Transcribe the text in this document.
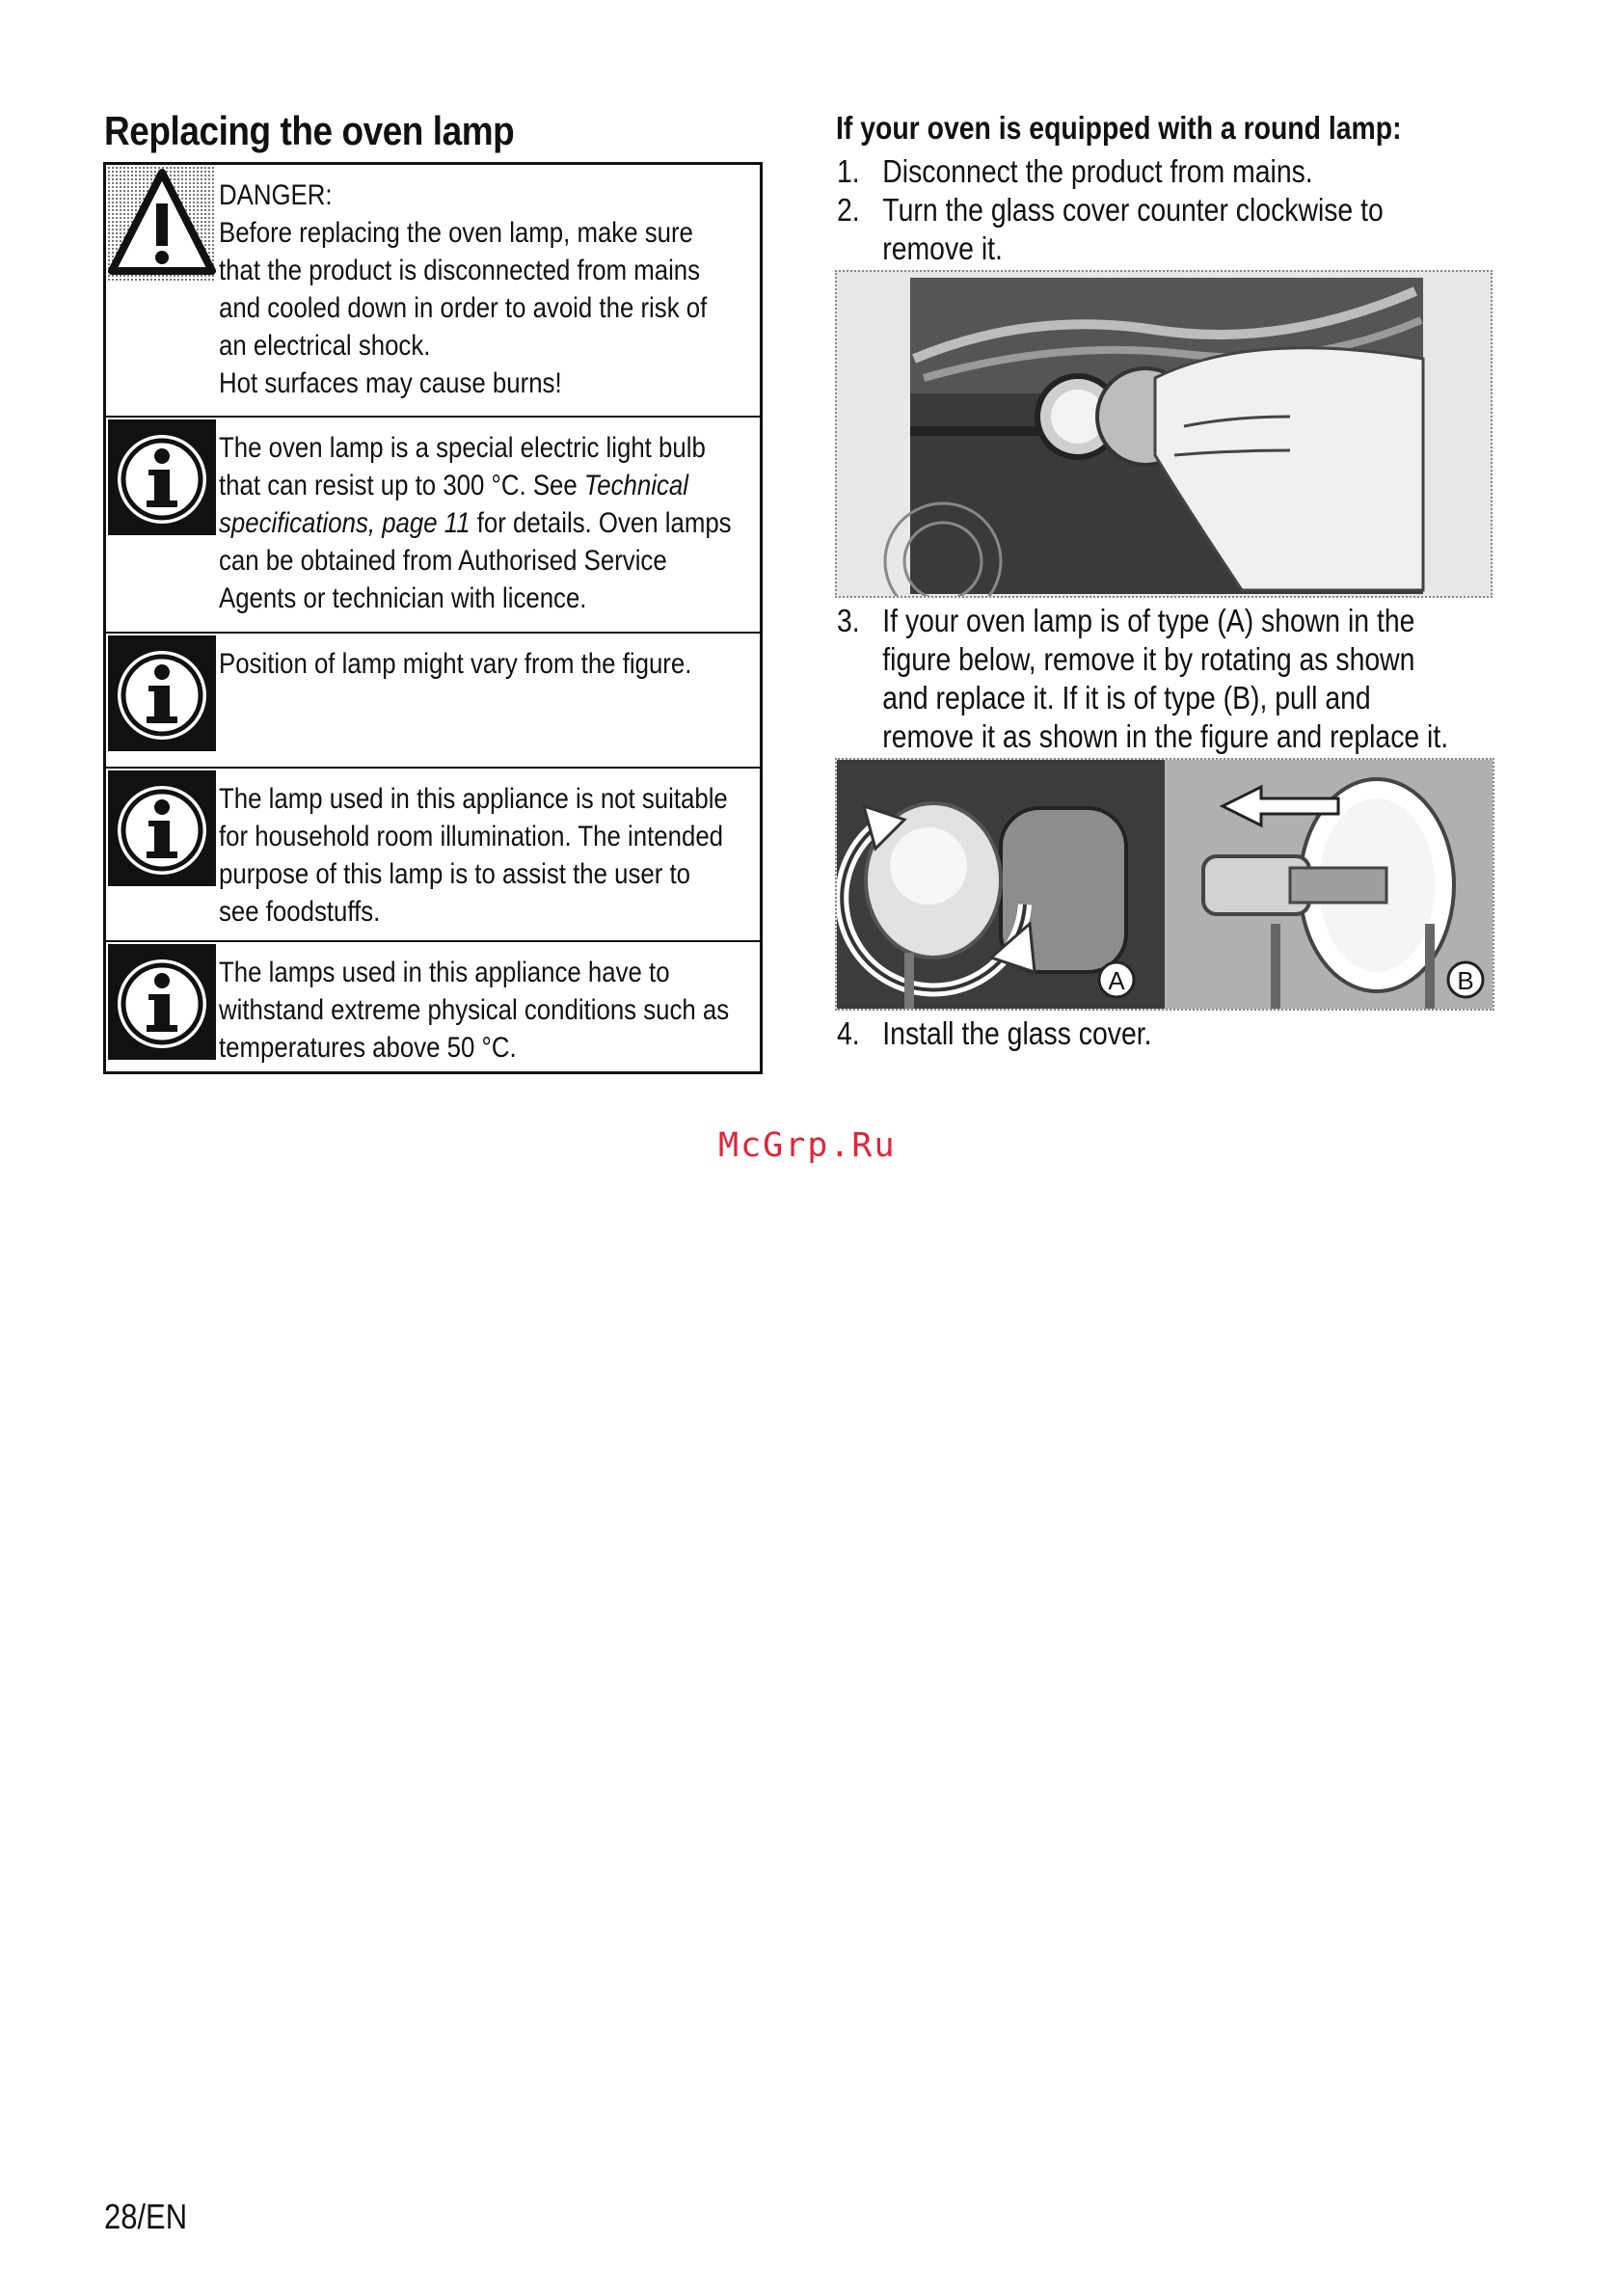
Replacing the oven lamp

DANGER:

Before replacing the oven lamp, make sure

that the product is disconnected from mains

and cooled down in order to avoid the risk of

an electrical shock.

Hot surfaces may cause burns!

The oven lamp is a special electric light bulb

that can resist up to 300 °C. See Technical

specifications, page 11 for details. Oven lamps

can be obtained from Authorised Service

Agents or technician with licence.

Position of lamp might vary from the figure.

The lamp used in this appliance is not suitable

for household room illumination. The intended

purpose of this lamp is to assist the user to

see foodstuffs.

The lamps used in this appliance have to

withstand extreme physical conditions such as

temperatures above 50 °C.

If your oven is equipped with a round lamp:
1. Disconnect the product from mains.
2. Turn the glass cover counter clockwise to remove it.
3. If your oven lamp is of type (A) shown in the figure below, remove it by rotating as shown and replace it. If it is of type (B), pull and remove it as shown in the figure and replace it.
A	B
4. Install the glass cover.
McGrp.Ru
28/EN
